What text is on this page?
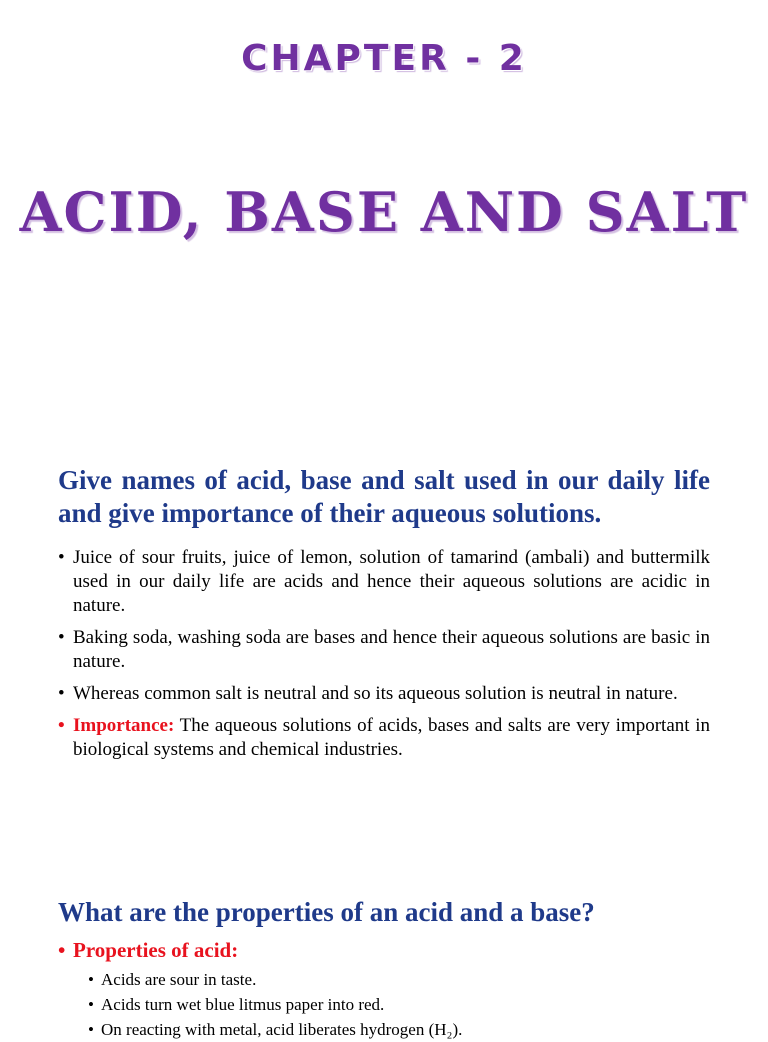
CHAPTER - 2
ACID, BASE AND SALT
Give names of acid, base and salt used in our daily life and give importance of their aqueous solutions.
• Juice of sour fruits, juice of lemon, solution of tamarind (ambali) and buttermilk used in our daily life are acids and hence their aqueous solutions are acidic in nature.
• Baking soda, washing soda are bases and hence their aqueous solutions are basic in nature.
• Whereas common salt is neutral and so its aqueous solution is neutral in nature.
• Importance: The aqueous solutions of acids, bases and salts are very important in biological systems and chemical industries.
What are the properties of an acid and a base?
• Properties of acid:
• Acids are sour in taste.
• Acids turn wet blue litmus paper into red.
• On reacting with metal, acid liberates hydrogen (H₂).
